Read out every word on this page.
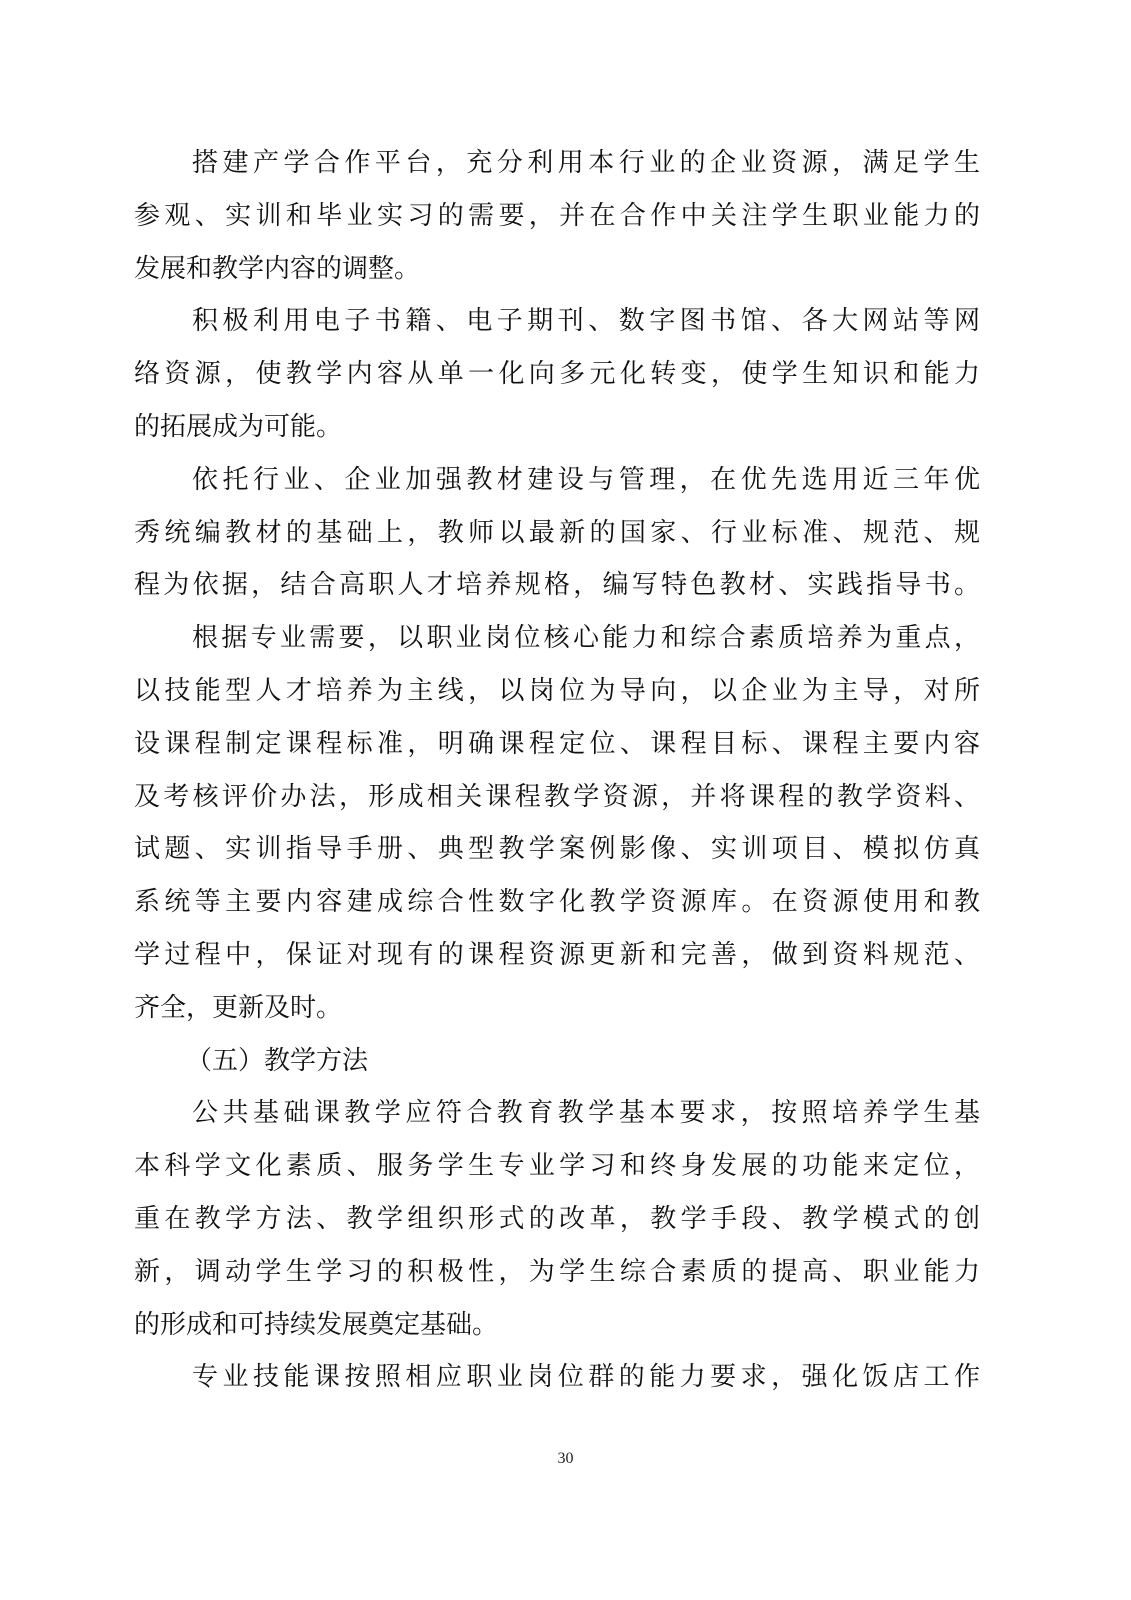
搭建产学合作平台，充分利用本行业的企业资源，满足学生
参观、实训和毕业实习的需要，并在合作中关注学生职业能力的
发展和教学内容的调整。
积极利用电子书籍、电子期刊、数字图书馆、各大网站等网
络资源，使教学内容从单一化向多元化转变，使学生知识和能力
的拓展成为可能。
依托行业、企业加强教材建设与管理，在优先选用近三年优
秀统编教材的基础上，教师以最新的国家、行业标准、规范、规
程为依据，结合高职人才培养规格，编写特色教材、实践指导书。
根据专业需要，以职业岗位核心能力和综合素质培养为重点，
以技能型人才培养为主线，以岗位为导向，以企业为主导，对所
设课程制定课程标准，明确课程定位、课程目标、课程主要内容
及考核评价办法，形成相关课程教学资源，并将课程的教学资料、
试题、实训指导手册、典型教学案例影像、实训项目、模拟仿真
系统等主要内容建成综合性数字化教学资源库。在资源使用和教
学过程中，保证对现有的课程资源更新和完善，做到资料规范、
齐全，更新及时。
（五）教学方法
公共基础课教学应符合教育教学基本要求，按照培养学生基
本科学文化素质、服务学生专业学习和终身发展的功能来定位，
重在教学方法、教学组织形式的改革，教学手段、教学模式的创
新，调动学生学习的积极性，为学生综合素质的提高、职业能力
的形成和可持续发展奠定基础。
专业技能课按照相应职业岗位群的能力要求，强化饭店工作
30
